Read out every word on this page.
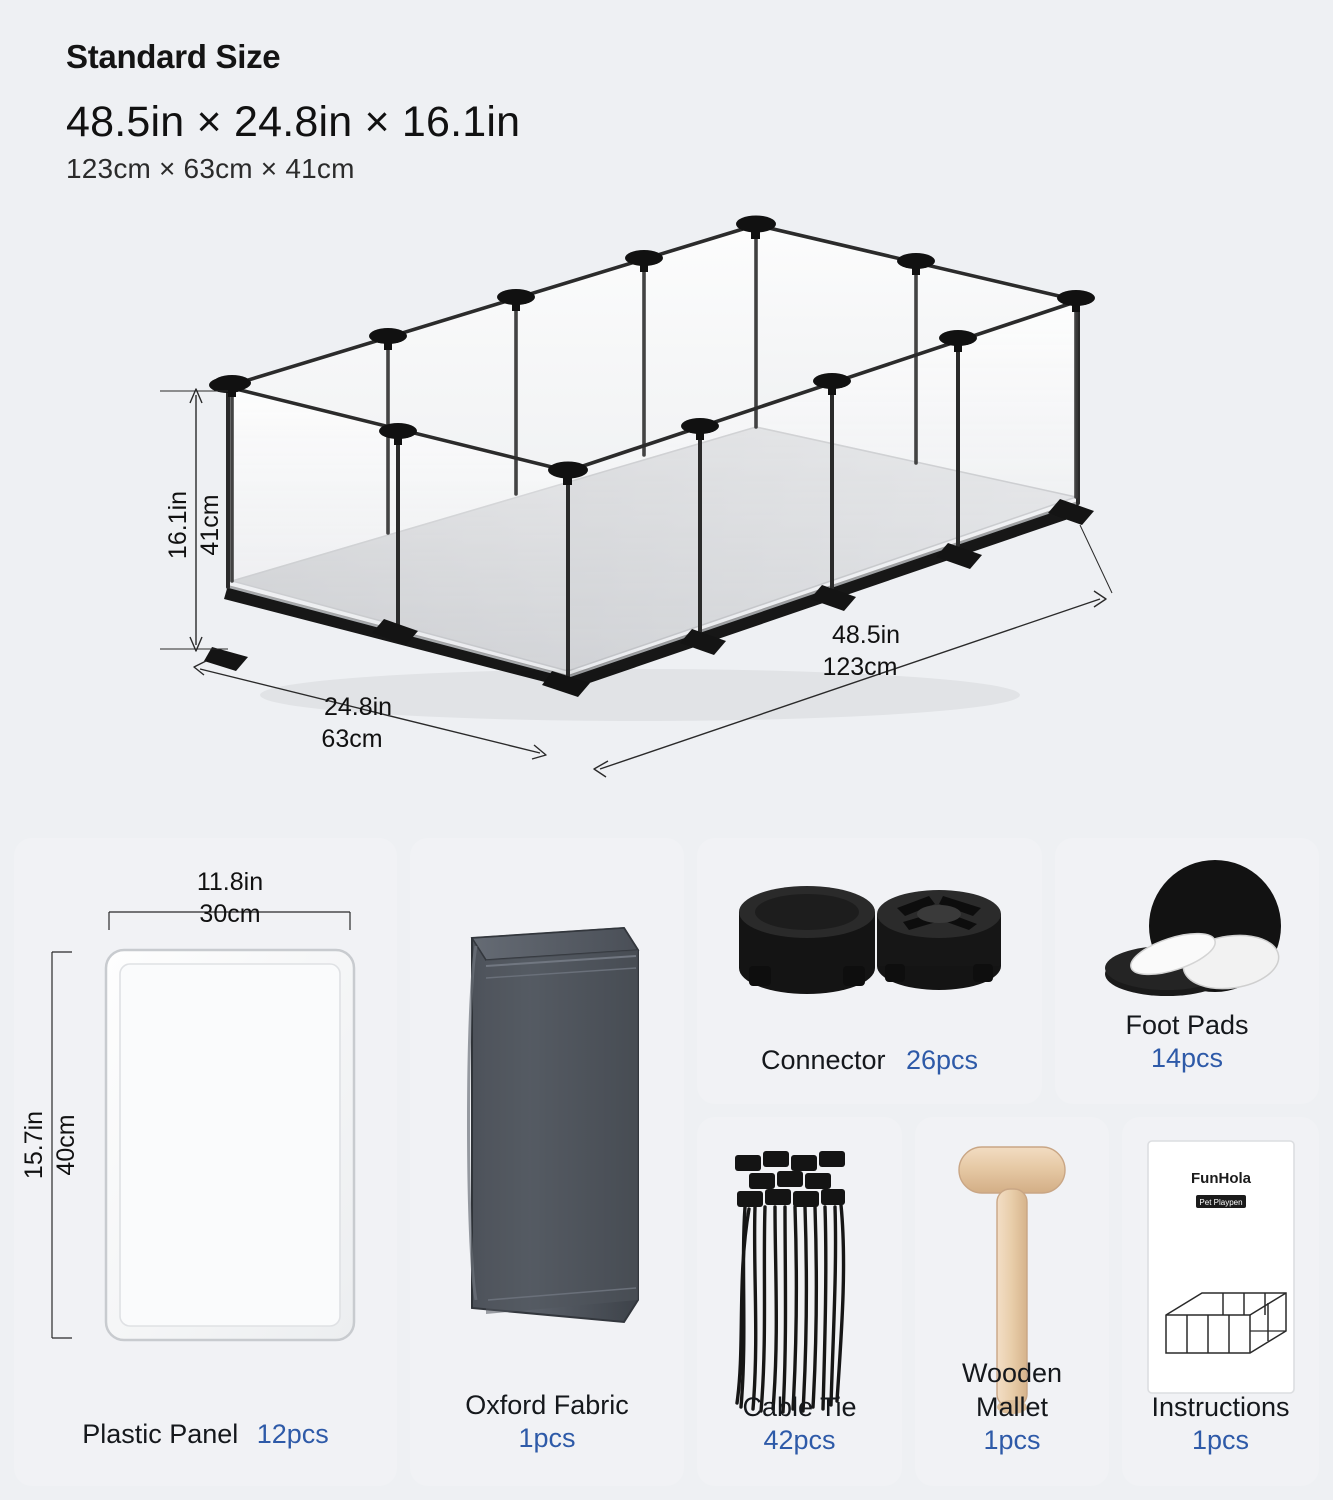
Standard Size
48.5in × 24.8in × 16.1in
123cm × 63cm × 41cm
16.1in 41cm
24.8in
63cm
48.5in
123cm
11.8in
30cm
15.7in 40cm
Plastic Panel 12pcs
Oxford Fabric
1pcs
Connector 26pcs
Foot Pads
14pcs
Cable Tie
42pcs
Wooden
Mallet
1pcs
FunHola
Pet Playpen
Instructions
1pcs
